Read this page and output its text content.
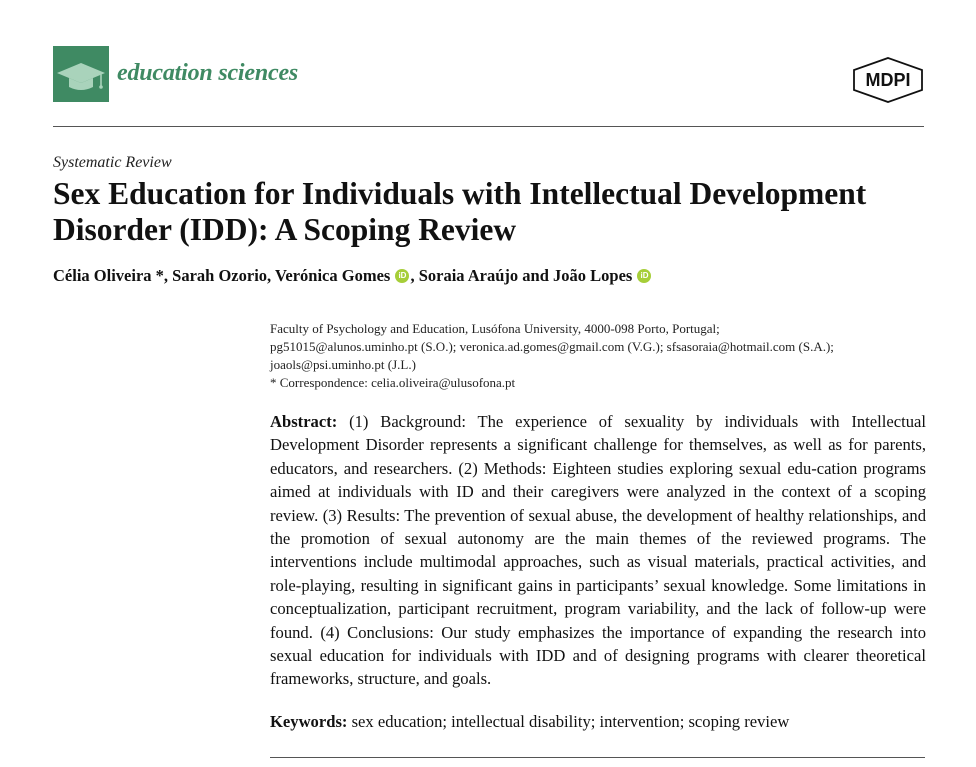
education sciences	MDPI
Systematic Review
Sex Education for Individuals with Intellectual Development Disorder (IDD): A Scoping Review
Célia Oliveira *, Sarah Ozorio, Verónica Gomes iD , Soraia Araújo and João Lopes iD
Faculty of Psychology and Education, Lusófona University, 4000-098 Porto, Portugal;
pg51015@alunos.uminho.pt (S.O.); veronica.ad.gomes@gmail.com (V.G.); sfsasoraia@hotmail.com (S.A.);
joaols@psi.uminho.pt (J.L.)
* Correspondence: celia.oliveira@ulusofona.pt

Abstract: (1) Background: The experience of sexuality by individuals with Intellectual Development Disorder represents a significant challenge for themselves, as well as for parents, educators, and researchers. (2) Methods: Eighteen studies exploring sexual edu-cation programs aimed at individuals with ID and their caregivers were analyzed in the context of a scoping review. (3) Results: The prevention of sexual abuse, the development of healthy relationships, and the promotion of sexual autonomy are the main themes of the reviewed programs. The interventions include multimodal approaches, such as visual materials, practical activities, and role-playing, resulting in significant gains in participants’ sexual knowledge. Some limitations in conceptualization, participant recruitment, program variability, and the lack of follow-up were found. (4) Conclusions: Our study emphasizes the importance of expanding the research into sexual education for individuals with IDD and of designing programs with clearer theoretical frameworks, structure, and goals.

Keywords: sex education; intellectual disability; intervention; scoping review
